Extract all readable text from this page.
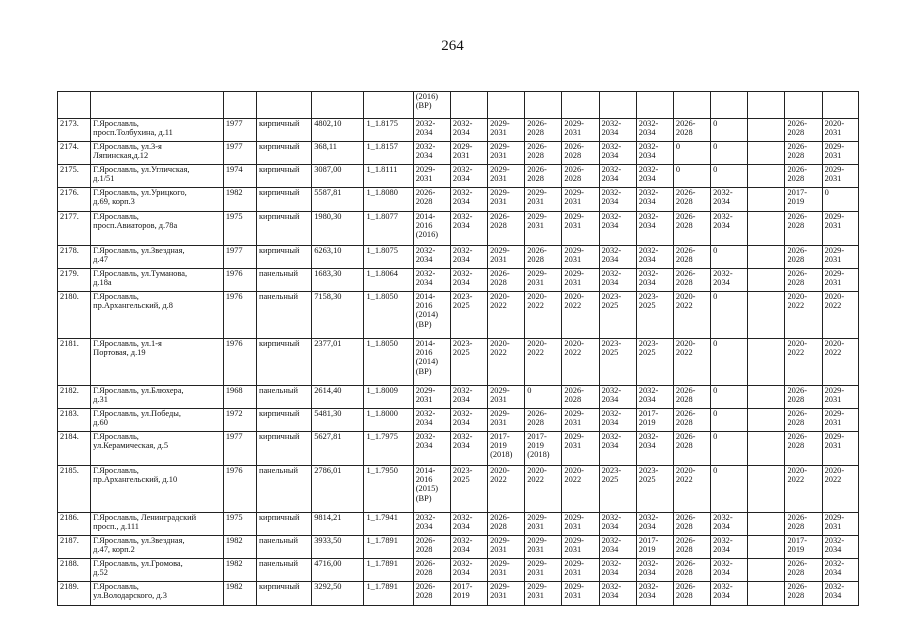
264
						(2016)
(ВР)											
2173.	Г.Ярославль,
просп.Толбухина, д.11	1977	кирпичный	4802,10	1_1.8175	2032-
2034	2032-
2034	2029-
2031	2026-
2028	2029-
2031	2032-
2034	2032-
2034	2026-
2028	0		2026-
2028	2020-
2031
2174.	Г.Ярославль, ул.3-я
Ляпинская,д.12	1977	кирпичный	368,11	1_1.8157	2032-
2034	2029-
2031	2029-
2031	2026-
2028	2026-
2028	2032-
2034	2032-
2034	0	0		2026-
2028	2029-
2031
2175.	Г.Ярославль, ул.Угличская,
д.1/51	1974	кирпичный	3087,00	1_1.8111	2029-
2031	2032-
2034	2029-
2031	2026-
2028	2026-
2028	2032-
2034	2032-
2034	0	0		2026-
2028	2029-
2031
2176.	Г.Ярославль, ул.Урицкого,
д.69, корп.3	1982	кирпичный	5587,81	1_1.8080	2026-
2028	2032-
2034	2029-
2031	2029-
2031	2029-
2031	2032-
2034	2032-
2034	2026-
2028	2032-
2034		2017-
2019	0
2177.	Г.Ярославль,
просп.Авиаторов, д.78а	1975	кирпичный	1980,30	1_1.8077	2014-
2016
(2016)	2032-
2034	2026-
2028	2029-
2031	2029-
2031	2032-
2034	2032-
2034	2026-
2028	2032-
2034		2026-
2028	2029-
2031
2178.	Г.Ярославль, ул.Звездная,
д.47	1977	кирпичный	6263,10	1_1.8075	2032-
2034	2032-
2034	2029-
2031	2026-
2028	2029-
2031	2032-
2034	2032-
2034	2026-
2028	0		2026-
2028	2029-
2031
2179.	Г.Ярославль, ул.Туманова,
д.18а	1976	панельный	1683,30	1_1.8064	2032-
2034	2032-
2034	2026-
2028	2029-
2031	2029-
2031	2032-
2034	2032-
2034	2026-
2028	2032-
2034		2026-
2028	2029-
2031
2180.	Г.Ярославль,
пр.Архангельский, д.8	1976	панельный	7158,30	1_1.8050	2014-
2016
(2014)
(ВР)	2023-
2025	2020-
2022	2020-
2022	2020-
2022	2023-
2025	2023-
2025	2020-
2022	0		2020-
2022	2020-
2022
2181.	Г.Ярославль, ул.1-я
Портовая, д.19	1976	кирпичный	2377,01	1_1.8050	2014-
2016
(2014)
(ВР)	2023-
2025	2020-
2022	2020-
2022	2020-
2022	2023-
2025	2023-
2025	2020-
2022	0		2020-
2022	2020-
2022
2182.	Г.Ярославль, ул.Блюхера,
д.31	1968	панельный	2614,40	1_1.8009	2029-
2031	2032-
2034	2029-
2031	0	2026-
2028	2032-
2034	2032-
2034	2026-
2028	0		2026-
2028	2029-
2031
2183.	Г.Ярославль, ул.Победы,
д.60	1972	кирпичный	5481,30	1_1.8000	2032-
2034	2032-
2034	2029-
2031	2026-
2028	2029-
2031	2032-
2034	2017-
2019	2026-
2028	0		2026-
2028	2029-
2031
2184.	Г.Ярославль,
ул.Керамическая, д.5	1977	кирпичный	5627,81	1_1.7975	2032-
2034	2032-
2034	2017-
2019
(2018)	2017-
2019
(2018)	2029-
2031	2032-
2034	2032-
2034	2026-
2028	0		2026-
2028	2029-
2031
2185.	Г.Ярославль,
пр.Архангельский, д.10	1976	панельный	2786,01	1_1.7950	2014-
2016
(2015)
(ВР)	2023-
2025	2020-
2022	2020-
2022	2020-
2022	2023-
2025	2023-
2025	2020-
2022	0		2020-
2022	2020-
2022
2186.	Г.Ярославль, Ленинградский
просп., д.111	1975	кирпичный	9814,21	1_1.7941	2032-
2034	2032-
2034	2026-
2028	2029-
2031	2029-
2031	2032-
2034	2032-
2034	2026-
2028	2032-
2034		2026-
2028	2029-
2031
2187.	Г.Ярославль, ул.Звездная,
д.47, корп.2	1982	панельный	3933,50	1_1.7891	2026-
2028	2032-
2034	2029-
2031	2029-
2031	2029-
2031	2032-
2034	2017-
2019	2026-
2028	2032-
2034		2017-
2019	2032-
2034
2188.	Г.Ярославль, ул.Громова,
д.52	1982	панельный	4716,00	1_1.7891	2026-
2028	2032-
2034	2029-
2031	2029-
2031	2029-
2031	2032-
2034	2032-
2034	2026-
2028	2032-
2034		2026-
2028	2032-
2034
2189.	Г.Ярославль,
ул.Володарского, д.3	1982	кирпичный	3292,50	1_1.7891	2026-
2028	2017-
2019	2029-
2031	2029-
2031	2029-
2031	2032-
2034	2032-
2034	2026-
2028	2032-
2034		2026-
2028	2032-
2034
